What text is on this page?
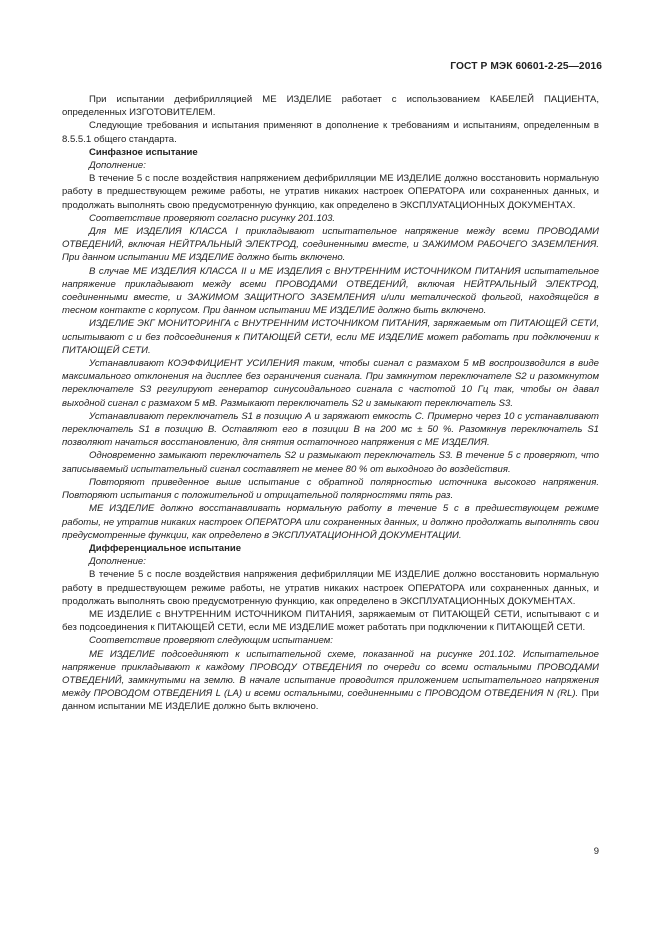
ГОСТ Р МЭК 60601-2-25—2016

При испытании дефибрилляцией МЕ ИЗДЕЛИЕ работает с использованием КАБЕЛЕЙ ПАЦИЕНТА, определенных ИЗГОТОВИТЕЛЕМ.

Следующие требования и испытания применяют в дополнение к требованиям и испытаниям, определенным в 8.5.5.1 общего стандарта.

Синфазное испытание

Дополнение:

В течение 5 с после воздействия напряжением дефибрилляции МЕ ИЗДЕЛИЕ должно восстановить нормальную работу в предшествующем режиме работы, не утратив никаких настроек ОПЕРАТОРА или сохраненных данных, и продолжать выполнять свою предусмотренную функцию, как определено в ЭКСПЛУАТАЦИОННЫХ ДОКУМЕНТАХ.

Соответствие проверяют согласно рисунку 201.103.

Для МЕ ИЗДЕЛИЯ КЛАССА I прикладывают испытательное напряжение между всеми ПРОВОДАМИ ОТВЕДЕНИЙ, включая НЕЙТРАЛЬНЫЙ ЭЛЕКТРОД, соединенными вместе, и ЗАЖИМОМ РАБОЧЕГО ЗАЗЕМЛЕНИЯ. При данном испытании МЕ ИЗДЕЛИЕ должно быть включено.

В случае МЕ ИЗДЕЛИЯ КЛАССА II и МЕ ИЗДЕЛИЯ с ВНУТРЕННИМ ИСТОЧНИКОМ ПИТАНИЯ испытательное напряжение прикладывают между всеми ПРОВОДАМИ ОТВЕДЕНИЙ, включая НЕЙТРАЛЬНЫЙ ЭЛЕКТРОД, соединенными вместе, и ЗАЖИМОМ ЗАЩИТНОГО ЗАЗЕМЛЕНИЯ и/или металической фольгой, находящейся в тесном контакте с корпусом. При данном испытании МЕ ИЗДЕЛИЕ должно быть включено.

ИЗДЕЛИЕ ЭКГ МОНИТОРИНГА с ВНУТРЕННИМ ИСТОЧНИКОМ ПИТАНИЯ, заряжаемым от ПИТАЮЩЕЙ СЕТИ, испытывают с и без подсоединения к ПИТАЮЩЕЙ СЕТИ, если МЕ ИЗДЕЛИЕ может работать при подключении к ПИТАЮЩЕЙ СЕТИ.

Устанавливают КОЭФФИЦИЕНТ УСИЛЕНИЯ таким, чтобы сигнал с размахом 5 мВ воспроизводился в виде максимального отклонения на дисплее без ограничения сигнала. При замкнутом переключателе S2 и разомкнутом переключателе S3 регулируют генератор синусоидального сигнала с частотой 10 Гц так, чтобы он давал выходной сигнал с размахом 5 мВ. Размыкают переключатель S2 и замыкают переключатель S3.

Устанавливают переключатель S1 в позицию А и заряжают емкость С. Примерно через 10 с устанавливают переключатель S1 в позицию В. Оставляют его в позиции В на 200 мс ± 50 %. Разомкнув переключатель S1 позволяют начаться восстановлению, для снятия остаточного напряжения с МЕ ИЗДЕЛИЯ.

Одновременно замыкают переключатель S2 и размыкают переключатель S3. В течение 5 с проверяют, что записываемый испытательный сигнал составляет не менее 80 % от выходного до воздействия.

Повторяют приведенное выше испытание с обратной полярностью источника высокого напряжения. Повторяют испытания с положительной и отрицательной полярностями пять раз.

МЕ ИЗДЕЛИЕ должно восстанавливать нормальную работу в течение 5 с в предшествующем режиме работы, не утратив никаких настроек ОПЕРАТОРА или сохраненных данных, и должно продолжать выполнять свои предусмотренные функции, как определено в ЭКСПЛУАТАЦИОННОЙ ДОКУМЕНТАЦИИ.

Дифференциальное испытание

Дополнение:

В течение 5 с после воздействия напряжения дефибрилляции МЕ ИЗДЕЛИЕ должно восстановить нормальную работу в предшествующем режиме работы, не утратив никаких настроек ОПЕРАТОРА или сохраненных данных, и продолжать выполнять свою предусмотренную функцию, как определено в ЭКСПЛУАТАЦИОННЫХ ДОКУМЕНТАХ.

МЕ ИЗДЕЛИЕ с ВНУТРЕННИМ ИСТОЧНИКОМ ПИТАНИЯ, заряжаемым от ПИТАЮЩЕЙ СЕТИ, испытывают с и без подсоединения к ПИТАЮЩЕЙ СЕТИ, если МЕ ИЗДЕЛИЕ может работать при подключении к ПИТАЮЩЕЙ СЕТИ.

Соответствие проверяют следующим испытанием:

МЕ ИЗДЕЛИЕ подсоединяют к испытательной схеме, показанной на рисунке 201.102. Испытательное напряжение прикладывают к каждому ПРОВОДУ ОТВЕДЕНИЯ по очереди со всеми остальными ПРОВОДАМИ ОТВЕДЕНИЙ, замкнутыми на землю. В начале испытание проводится приложением испытательного напряжения между ПРОВОДОМ ОТВЕДЕНИЯ L (LA) и всеми остальными, соединенными с ПРОВОДОМ ОТВЕДЕНИЯ N (RL). При данном испытании МЕ ИЗДЕЛИЕ должно быть включено.

9
